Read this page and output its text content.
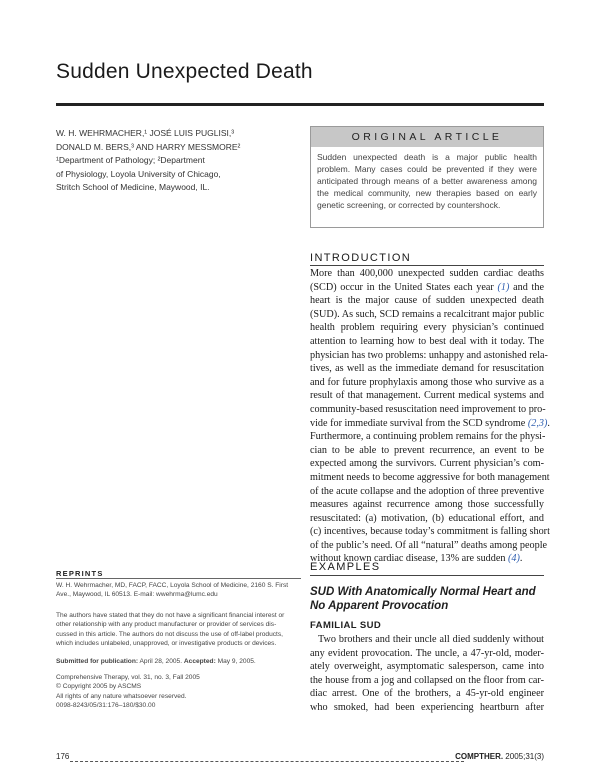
Sudden Unexpected Death
W. H. WEHRMACHER,¹ JOSÉ LUIS PUGLISI,³
DONALD M. BERS,³ AND HARRY MESSMORE²
¹Department of Pathology; ²Department
of Physiology, Loyola University of Chicago,
Stritch School of Medicine, Maywood, IL.
ORIGINAL ARTICLE
Sudden unexpected death is a major public health problem. Many cases could be prevented if they were anticipated through means of a better awareness among the medical community, new therapies based on early genetic screening, or corrected by countershock.
INTRODUCTION
More than 400,000 unexpected sudden cardiac deaths
(SCD) occur in the United States each year (1) and the
heart is the major cause of sudden unexpected death
(SUD). As such, SCD remains a recalcitrant major public
health problem requiring every physician’s continued
attention to learning how to best deal with it today. The
physician has two problems: unhappy and astonished rela-
tives, as well as the immediate demand for resuscitation
and for future prophylaxis among those who survive as a
result of that management. Current medical systems and
community-based resuscitation need improvement to pro-
vide for immediate survival from the SCD syndrome (2,3).
Furthermore, a continuing problem remains for the physi-
cian to be able to prevent recurrence, an event to be
expected among the survivors. Current physician’s com-
mitment needs to become aggressive for both management
of the acute collapse and the adoption of three preventive
measures against recurrence among those successfully
resuscitated: (a) motivation, (b) educational effort, and
(c) incentives, because today’s commitment is falling short
of the public’s need. Of all “natural” deaths among people
without known cardiac disease, 13% are sudden (4).
EXAMPLES
SUD With Anatomically Normal Heart and No Apparent Provocation
FAMILIAL SUD
Two brothers and their uncle all died suddenly without
any evident provocation. The uncle, a 47-yr-old, moder-
ately overweight, asymptomatic salesperson, came into
the house from a jog and collapsed on the floor from car-
diac arrest. One of the brothers, a 45-yr-old engineer
who smoked, had been experiencing heartburn after
REPRINTS
W. H. Wehrmacher, MD, FACP, FACC, Loyola School of Medicine, 2160 S. First
Ave., Maywood, IL 60513. E-mail: wwehrma@lumc.edu
The authors have stated that they do not have a significant financial interest or
other relationship with any product manufacturer or provider of services dis-
cussed in this article. The authors do not discuss the use of off-label products,
which includes unlabeled, unapproved, or investigative products or devices.
Submitted for publication: April 28, 2005. Accepted: May 9, 2005.
Comprehensive Therapy, vol. 31, no. 3, Fall 2005
© Copyright 2005 by ASCMS
All rights of any nature whatsoever reserved.
0098-8243/05/31:176–180/$30.00
176	COMPTHER. 2005;31(3)
